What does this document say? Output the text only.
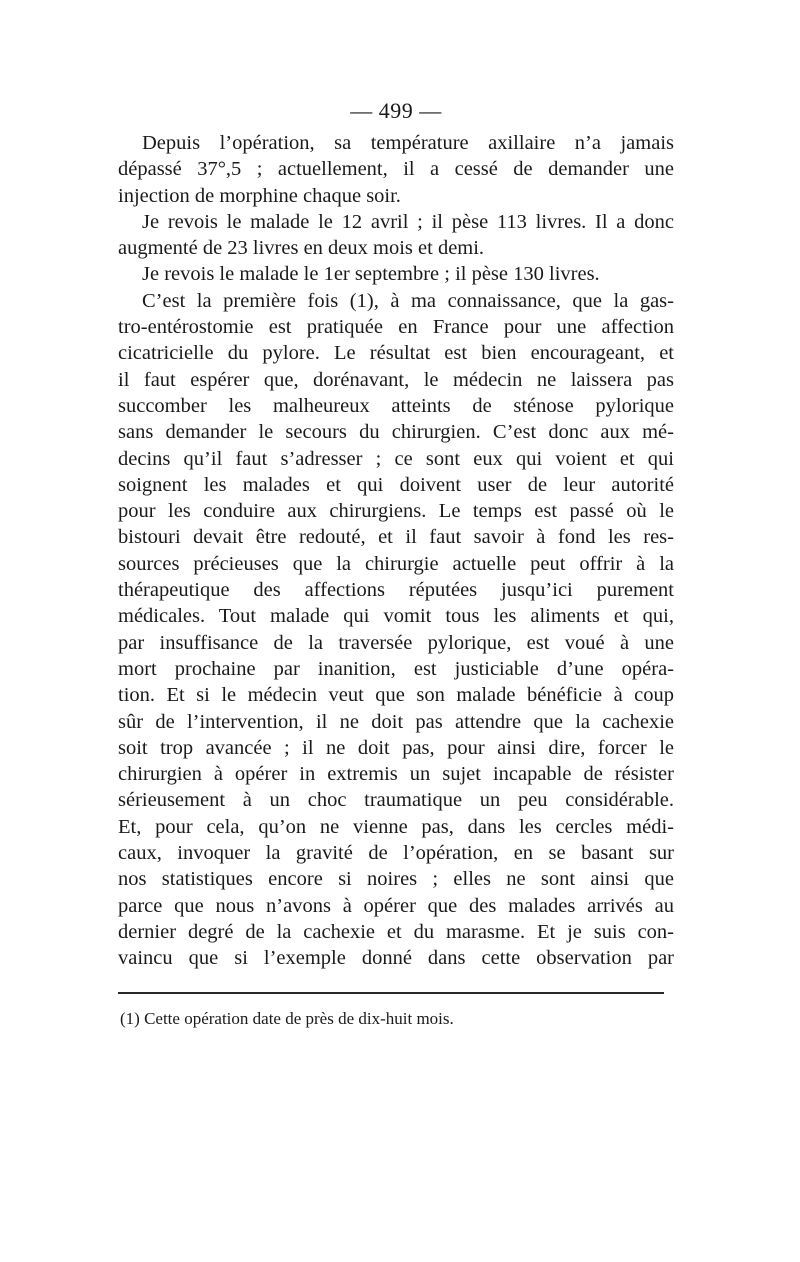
— 499 —
Depuis l’opération, sa température axillaire n’a jamais
dépassé 37°,5 ; actuellement, il a cessé de demander une
injection de morphine chaque soir.
Je revois le malade le 12 avril ; il pèse 113 livres. Il a donc
augmenté de 23 livres en deux mois et demi.
Je revois le malade le 1er septembre ; il pèse 130 livres.
C’est la première fois (1), à ma connaissance, que la gas-
tro-entérostomie est pratiquée en France pour une affection
cicatricielle du pylore. Le résultat est bien encourageant, et
il faut espérer que, dorénavant, le médecin ne laissera pas
succomber les malheureux atteints de sténose pylorique
sans demander le secours du chirurgien. C’est donc aux mé-
decins qu’il faut s’adresser ; ce sont eux qui voient et qui
soignent les malades et qui doivent user de leur autorité
pour les conduire aux chirurgiens. Le temps est passé où le
bistouri devait être redouté, et il faut savoir à fond les res-
sources précieuses que la chirurgie actuelle peut offrir à la
thérapeutique des affections réputées jusqu’ici purement
médicales. Tout malade qui vomit tous les aliments et qui,
par insuffisance de la traversée pylorique, est voué à une
mort prochaine par inanition, est justiciable d’une opéra-
tion. Et si le médecin veut que son malade bénéficie à coup
sûr de l’intervention, il ne doit pas attendre que la cachexie
soit trop avancée ; il ne doit pas, pour ainsi dire, forcer le
chirurgien à opérer in extremis un sujet incapable de résister
sérieusement à un choc traumatique un peu considérable.
Et, pour cela, qu’on ne vienne pas, dans les cercles médi-
caux, invoquer la gravité de l’opération, en se basant sur
nos statistiques encore si noires ; elles ne sont ainsi que
parce que nous n’avons à opérer que des malades arrivés au
dernier degré de la cachexie et du marasme. Et je suis con-
vaincu que si l’exemple donné dans cette observation par
(1) Cette opération date de près de dix-huit mois.
